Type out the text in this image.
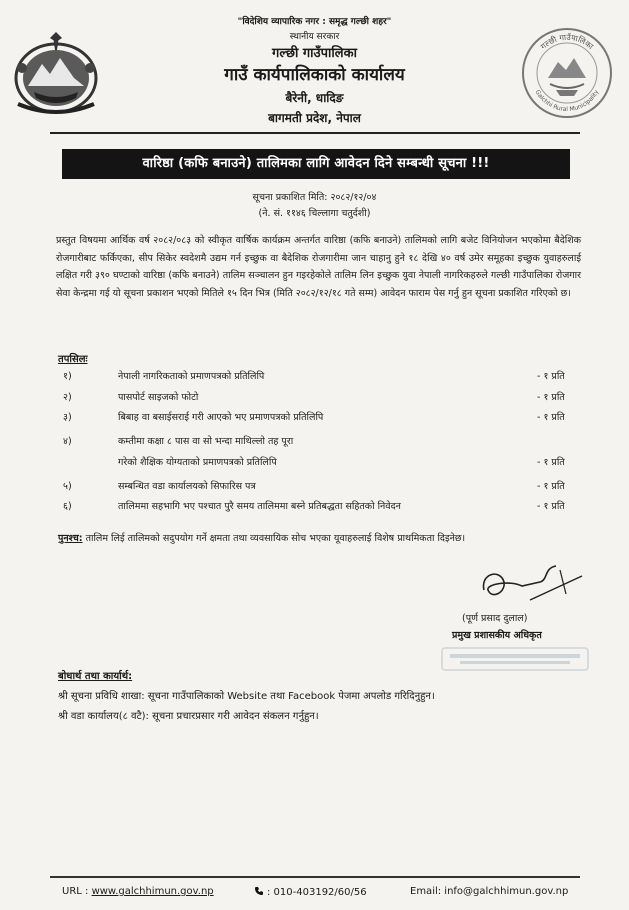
"विदेशिय व्यापारिक नगर : समृद्ध गल्छी शहर"
स्थानीय सरकार
गल्छी गाउँपालिका
गाउँ कार्यपालिकाको कार्यालय
बैरेनी, धादिङ
बागमती प्रदेश, नेपाल
गल्छी गाउँपालिका
Galchhi Rural Municipality
वारिष्ठा (कफि बनाउने) तालिमका लागि आवेदन दिने सम्बन्धी सूचना !!!
सूचना प्रकाशित मिति: २०८२/१२/०४
(ने. सं. ११४६ चिल्लागा चतुर्दशी)

प्रस्तुत विषयमा आर्थिक वर्ष २०८२/०८३ को स्वीकृत वार्षिक कार्यक्रम अन्तर्गत वारिष्ठा (कफि बनाउने) तालिमको लागि बजेट विनियोजन भएकोमा बैदेशिक रोजगारीबाट फर्किएका, सीप सिकेर स्वदेशमै उद्यम गर्न इच्छुक वा बैदेशिक रोजगारीमा जान चाहानु हुने १८ देखि ४० वर्ष उमेर समूहका इच्छुक युवाहरुलाई लक्षित गरी ३९० घण्टाको वारिष्ठा (कफि बनाउने) तालिम सञ्चालन हुन गइरहेकोले तालिम लिन इच्छुक युवा नेपाली नागरिकहरुले गल्छी गाउँपालिका रोजगार सेवा केन्द्रमा गई यो सूचना प्रकाशन भएको मितिले १५ दिन भित्र (मिति २०८२/१२/१८ गते सम्म) आवेदन फाराम पेस गर्नु हुन सूचना प्रकाशित गरिएको छ।

तपसिलः
१)	नेपाली नागरिकताको प्रमाणपत्रको प्रतिलिपि	- १ प्रति
२)	पासपोर्ट साइजको फोटो	- १ प्रति
३)	बिबाह वा बसाईसराई गरी आएको भए प्रमाणपत्रको प्रतिलिपि	- १ प्रति
४)	कम्तीमा कक्षा ८ पास वा सो भन्दा माथिल्लो तह पूरा
गरेको शैक्षिक योग्यताको प्रमाणपत्रको प्रतिलिपि	- १ प्रति
५)	सम्बन्धित वडा कार्यालयको सिफारिस पत्र	- १ प्रति
६)	तालिममा सहभागि भए पश्चात पुरै समय तालिममा बस्ने प्रतिबद्धता सहितको निवेदन	- १ प्रति
पुनश्च: तालिम लिई तालिमको सदुपयोग गर्ने क्षमता तथा व्यवसायिक सोच भएका यूवाहरुलाई विशेष प्राथमिकता दिइनेछ।
(पूर्ण प्रसाद दुलाल)
प्रमुख प्रशासकीय अधिकृत
बोधार्थ तथा कार्यार्थ:
श्री सूचना प्रविधि शाखा: सूचना गाउँपालिकाको Website तथा Facebook पेजमा अपलोड गरिदिनुहुन।
श्री वडा कार्यालय(८ वटै): सूचना प्रचारप्रसार गरी आवेदन संकलन गर्नुहुन।
URL : www.galchhimun.gov.np	: 010-403192/60/56	Email: info@galchhimun.gov.np
